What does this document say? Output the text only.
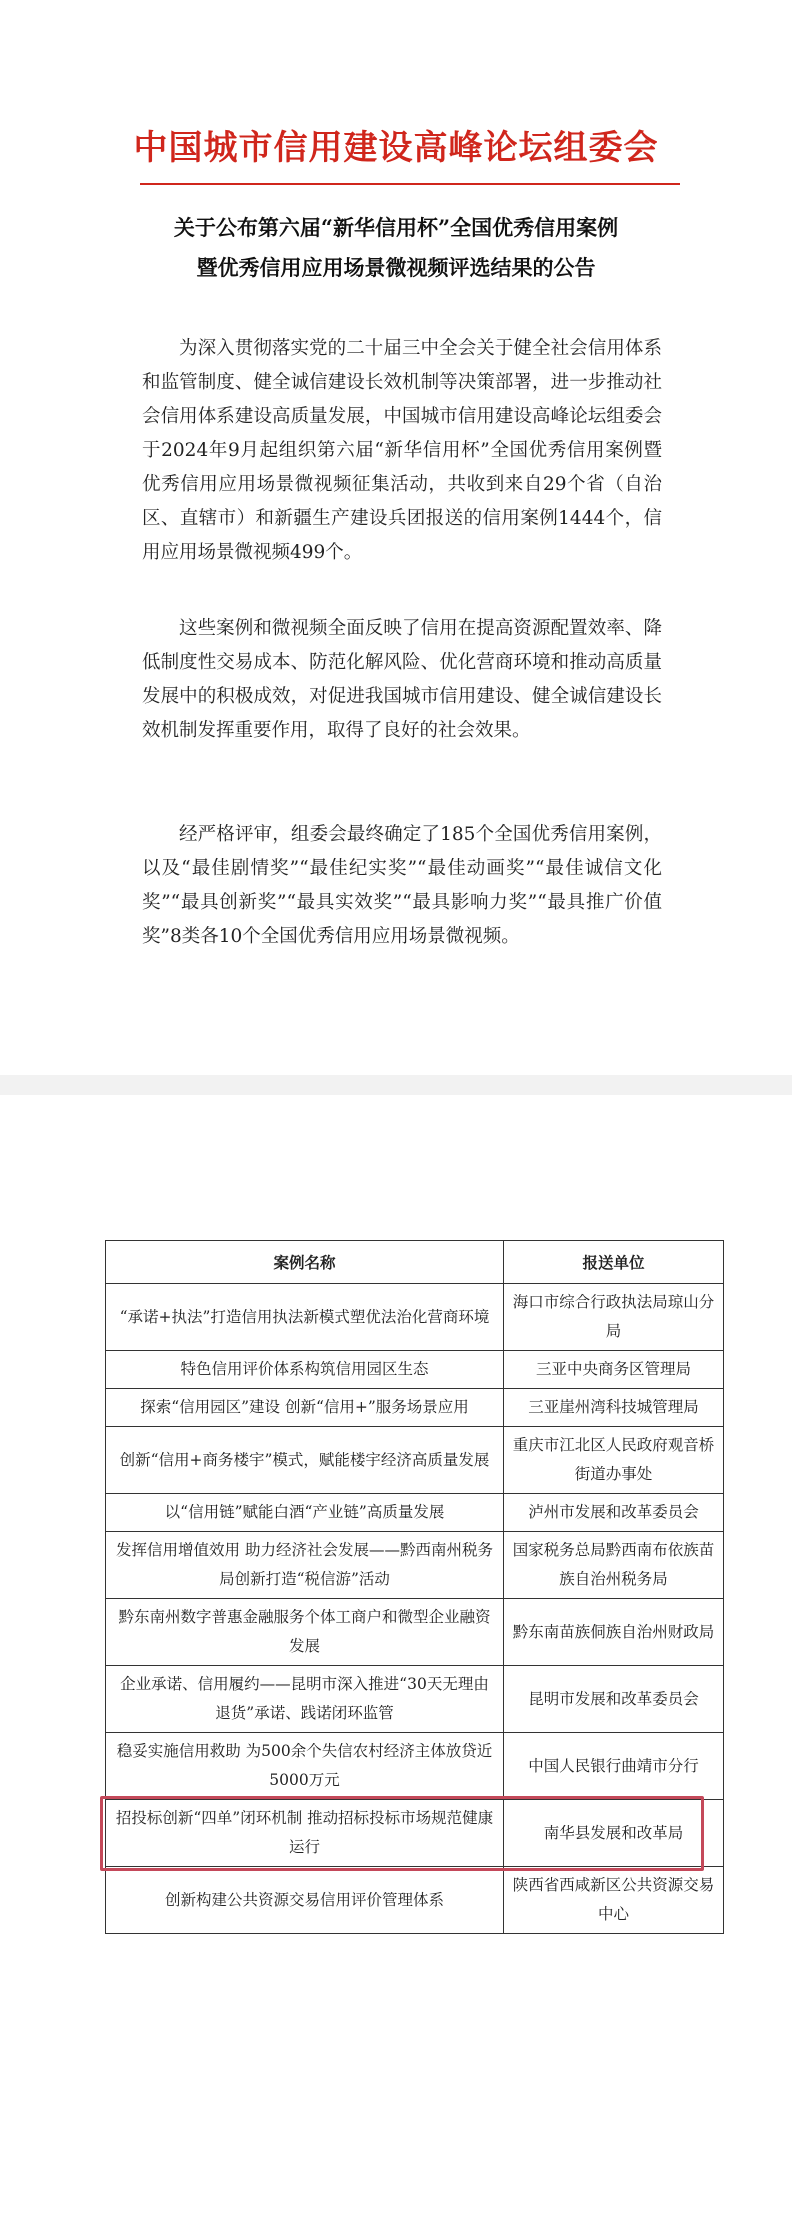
中国城市信用建设高峰论坛组委会
关于公布第六届“新华信用杯”全国优秀信用案例
暨优秀信用应用场景微视频评选结果的公告

为深入贯彻落实党的二十届三中全会关于健全社会信用体系和监管制度、健全诚信建设长效机制等决策部署，进一步推动社会信用体系建设高质量发展，中国城市信用建设高峰论坛组委会于2024年9月起组织第六届“新华信用杯”全国优秀信用案例暨优秀信用应用场景微视频征集活动，共收到来自29个省（自治区、直辖市）和新疆生产建设兵团报送的信用案例1444个，信用应用场景微视频499个。

这些案例和微视频全面反映了信用在提高资源配置效率、降低制度性交易成本、防范化解风险、优化营商环境和推动高质量发展中的积极成效，对促进我国城市信用建设、健全诚信建设长效机制发挥重要作用，取得了良好的社会效果。

经严格评审，组委会最终确定了185个全国优秀信用案例，以及“最佳剧情奖”“最佳纪实奖”“最佳动画奖”“最佳诚信文化奖”“最具创新奖”“最具实效奖”“最具影响力奖”“最具推广价值奖”8类各10个全国优秀信用应用场景微视频。

案例名称	报送单位
“承诺+执法”打造信用执法新模式塑优法治化营商环境	海口市综合行政执法局琼山分局
特色信用评价体系构筑信用园区生态	三亚中央商务区管理局
探索“信用园区”建设 创新“信用+”服务场景应用	三亚崖州湾科技城管理局
创新“信用+商务楼宇”模式，赋能楼宇经济高质量发展	重庆市江北区人民政府观音桥街道办事处
以“信用链”赋能白酒“产业链”高质量发展	泸州市发展和改革委员会
发挥信用增值效用 助力经济社会发展——黔西南州税务局创新打造“税信游”活动	国家税务总局黔西南布依族苗族自治州税务局
黔东南州数字普惠金融服务个体工商户和微型企业融资发展	黔东南苗族侗族自治州财政局
企业承诺、信用履约——昆明市深入推进“30天无理由退货”承诺、践诺闭环监管	昆明市发展和改革委员会
稳妥实施信用救助 为500余个失信农村经济主体放贷近5000万元	中国人民银行曲靖市分行
招投标创新“四单”闭环机制 推动招标投标市场规范健康运行	南华县发展和改革局
创新构建公共资源交易信用评价管理体系	陕西省西咸新区公共资源交易中心
